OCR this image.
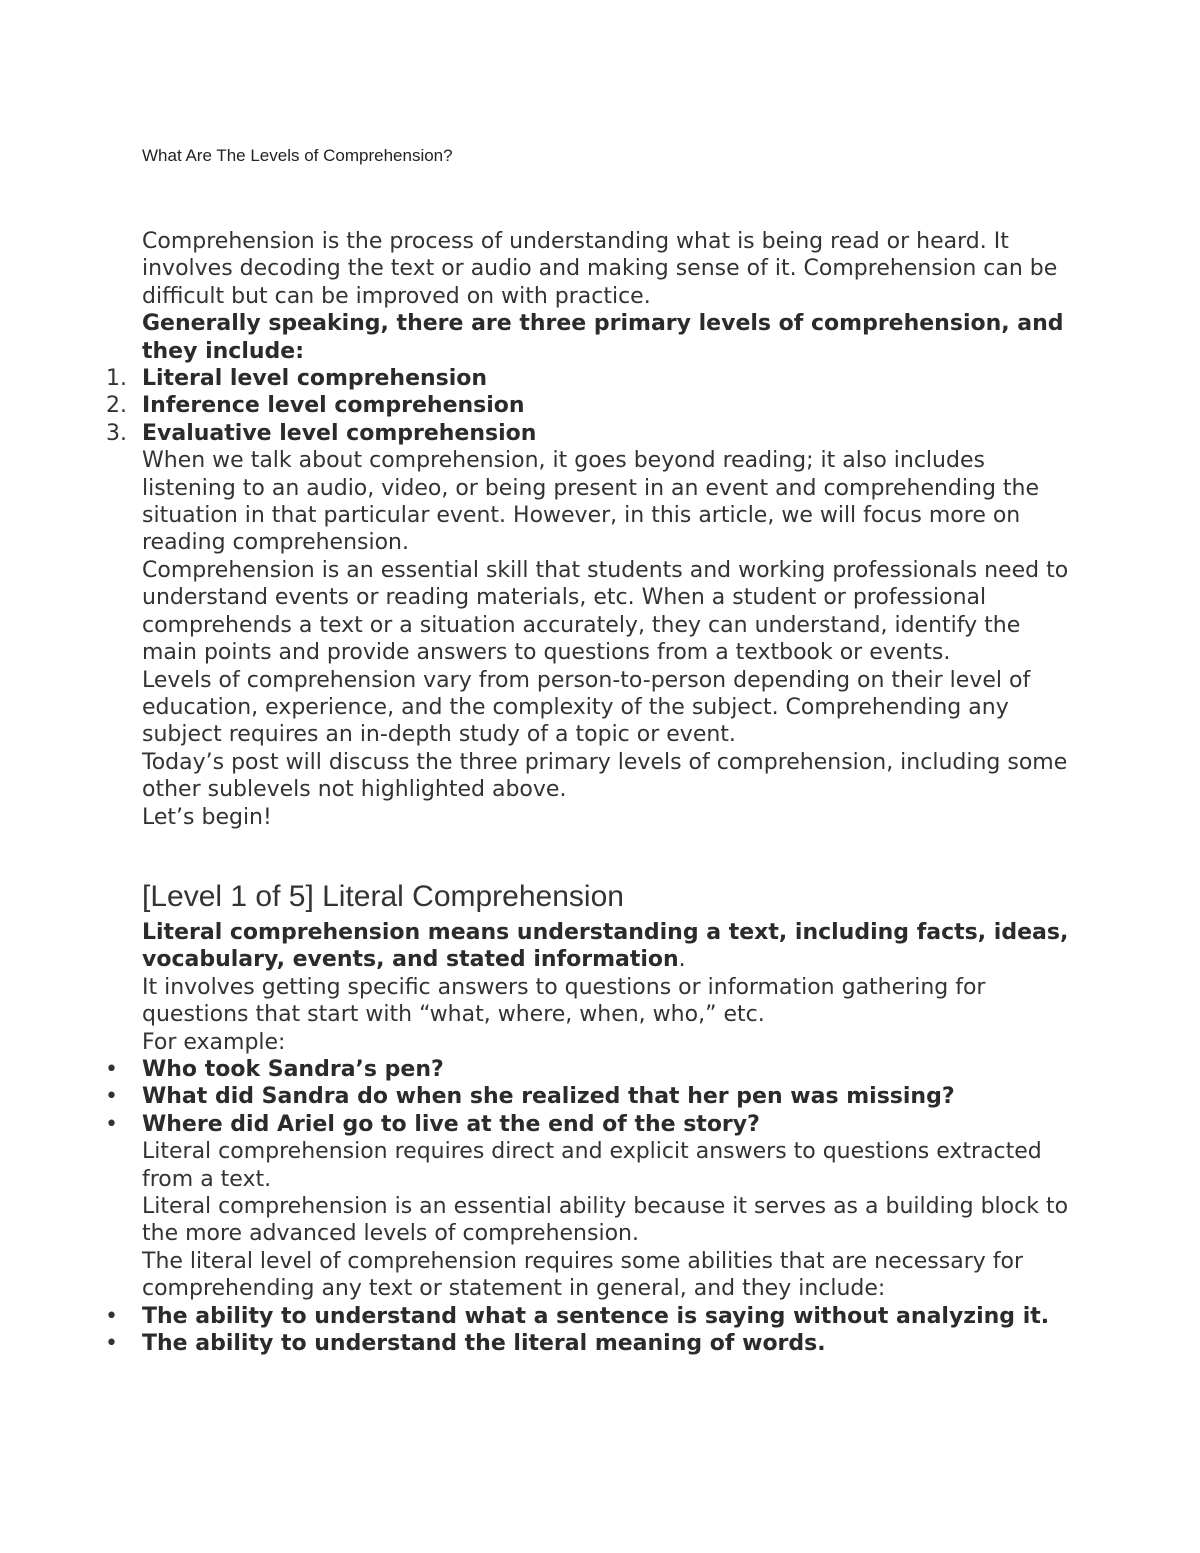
What Are The Levels of Comprehension?

Comprehension is the process of understanding what is being read or heard. It involves decoding the text or audio and making sense of it. Comprehension can be difficult but can be improved on with practice.

Generally speaking, there are three primary levels of comprehension, and they include:

1. Literal level comprehension
2. Inference level comprehension
3. Evaluative level comprehension

When we talk about comprehension, it goes beyond reading; it also includes listening to an audio, video, or being present in an event and comprehending the situation in that particular event. However, in this article, we will focus more on reading comprehension.

Comprehension is an essential skill that students and working professionals need to understand events or reading materials, etc. When a student or professional comprehends a text or a situation accurately, they can understand, identify the main points and provide answers to questions from a textbook or events.

Levels of comprehension vary from person-to-person depending on their level of education, experience, and the complexity of the subject. Comprehending any subject requires an in-depth study of a topic or event.

Today’s post will discuss the three primary levels of comprehension, including some other sublevels not highlighted above.

Let’s begin!

[Level 1 of 5] Literal Comprehension

Literal comprehension means understanding a text, including facts, ideas, vocabulary, events, and stated information.

It involves getting specific answers to questions or information gathering for questions that start with “what, where, when, who,” etc.

For example:

• Who took Sandra’s pen?
• What did Sandra do when she realized that her pen was missing?
• Where did Ariel go to live at the end of the story?

Literal comprehension requires direct and explicit answers to questions extracted from a text.

Literal comprehension is an essential ability because it serves as a building block to the more advanced levels of comprehension.

The literal level of comprehension requires some abilities that are necessary for comprehending any text or statement in general, and they include:

• The ability to understand what a sentence is saying without analyzing it.
• The ability to understand the literal meaning of words.
